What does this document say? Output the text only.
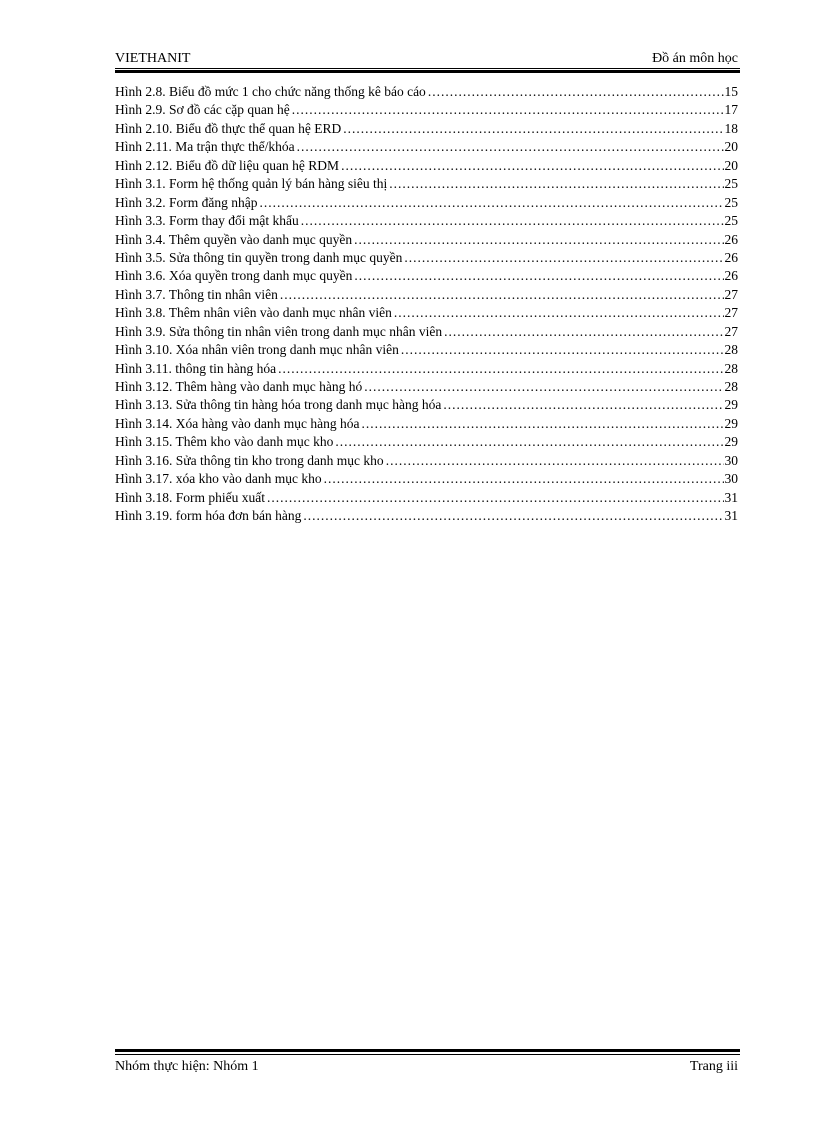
VIETHANIT	Đồ án môn học
Hình 2.8. Biểu đồ mức 1 cho chức năng thống kê báo cáo .....	15
Hình 2.9. Sơ đồ các cặp quan hệ .....	17
Hình 2.10. Biểu đồ thực thể quan hệ ERD .....	18
Hình 2.11. Ma trận thực thể/khóa .....	20
Hình 2.12. Biểu đồ dữ liệu quan hệ RDM .....	20
Hình 3.1. Form hệ thống quản lý bán hàng siêu thị .....	25
Hình 3.2. Form đăng nhập .....	25
Hình 3.3. Form thay đổi mật khẩu .....	25
Hình 3.4. Thêm quyền vào danh mục quyền .....	26
Hình 3.5. Sửa thông tin quyền trong danh mục quyền .....	26
Hình 3.6. Xóa quyền trong danh mục quyền .....	26
Hình 3.7. Thông tin nhân viên .....	27
Hình 3.8. Thêm nhân viên vào danh mục nhân viên .....	27
Hình 3.9. Sửa thông tin nhân viên trong danh mục nhân viên .....	27
Hình 3.10. Xóa nhân viên trong danh mục nhân viên .....	28
Hình 3.11. thông tin hàng hóa .....	28
Hình 3.12. Thêm hàng vào danh mục hàng hó .....	28
Hình 3.13. Sửa thông tin hàng hóa trong danh mục hàng hóa .....	29
Hình 3.14. Xóa hàng vào danh mục hàng hóa .....	29
Hình 3.15. Thêm kho vào danh mục kho .....	29
Hình 3.16. Sửa thông tin kho trong danh mục kho .....	30
Hình 3.17. xóa kho vào danh mục kho .....	30
Hình 3.18. Form phiếu xuất .....	31
Hình 3.19. form hóa đơn bán hàng .....	31
Nhóm thực hiện: Nhóm 1	Trang iii
